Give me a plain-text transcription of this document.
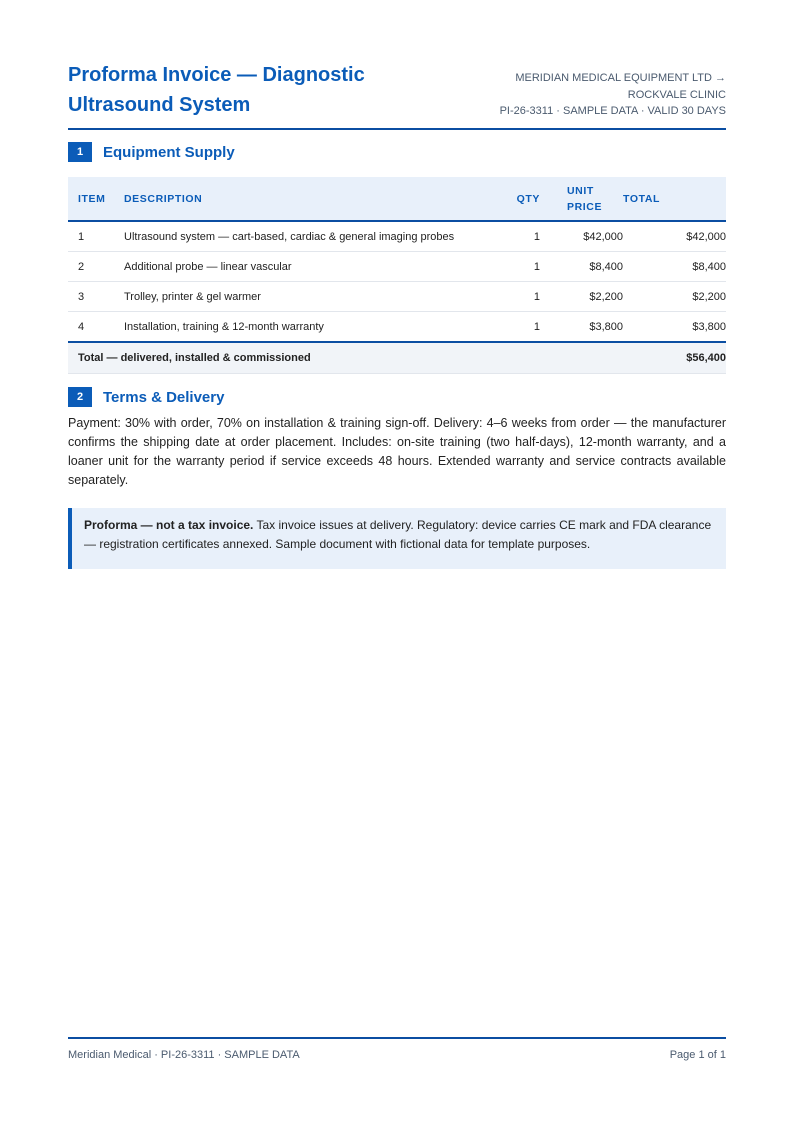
Proforma Invoice — Diagnostic Ultrasound System
MERIDIAN MEDICAL EQUIPMENT LTD →
ROCKVALE CLINIC
PI-26-3311 · SAMPLE DATA · VALID 30 DAYS
1	Equipment Supply
ITEM	DESCRIPTION	QTY	UNIT PRICE	TOTAL
1	Ultrasound system — cart-based, cardiac & general imaging probes	1	$42,000	$42,000
2	Additional probe — linear vascular	1	$8,400	$8,400
3	Trolley, printer & gel warmer	1	$2,200	$2,200
4	Installation, training & 12-month warranty	1	$3,800	$3,800
Total — delivered, installed & commissioned				$56,400
2	Terms & Delivery
Payment: 30% with order, 70% on installation & training sign-off. Delivery: 4–6 weeks from order — the manufacturer confirms the shipping date at order placement. Includes: on-site training (two half-days), 12-month warranty, and a loaner unit for the warranty period if service exceeds 48 hours. Extended warranty and service contracts available separately.
Proforma — not a tax invoice. Tax invoice issues at delivery. Regulatory: device carries CE mark and FDA clearance — registration certificates annexed. Sample document with fictional data for template purposes.
Meridian Medical · PI-26-3311 · SAMPLE DATA	Page 1 of 1
